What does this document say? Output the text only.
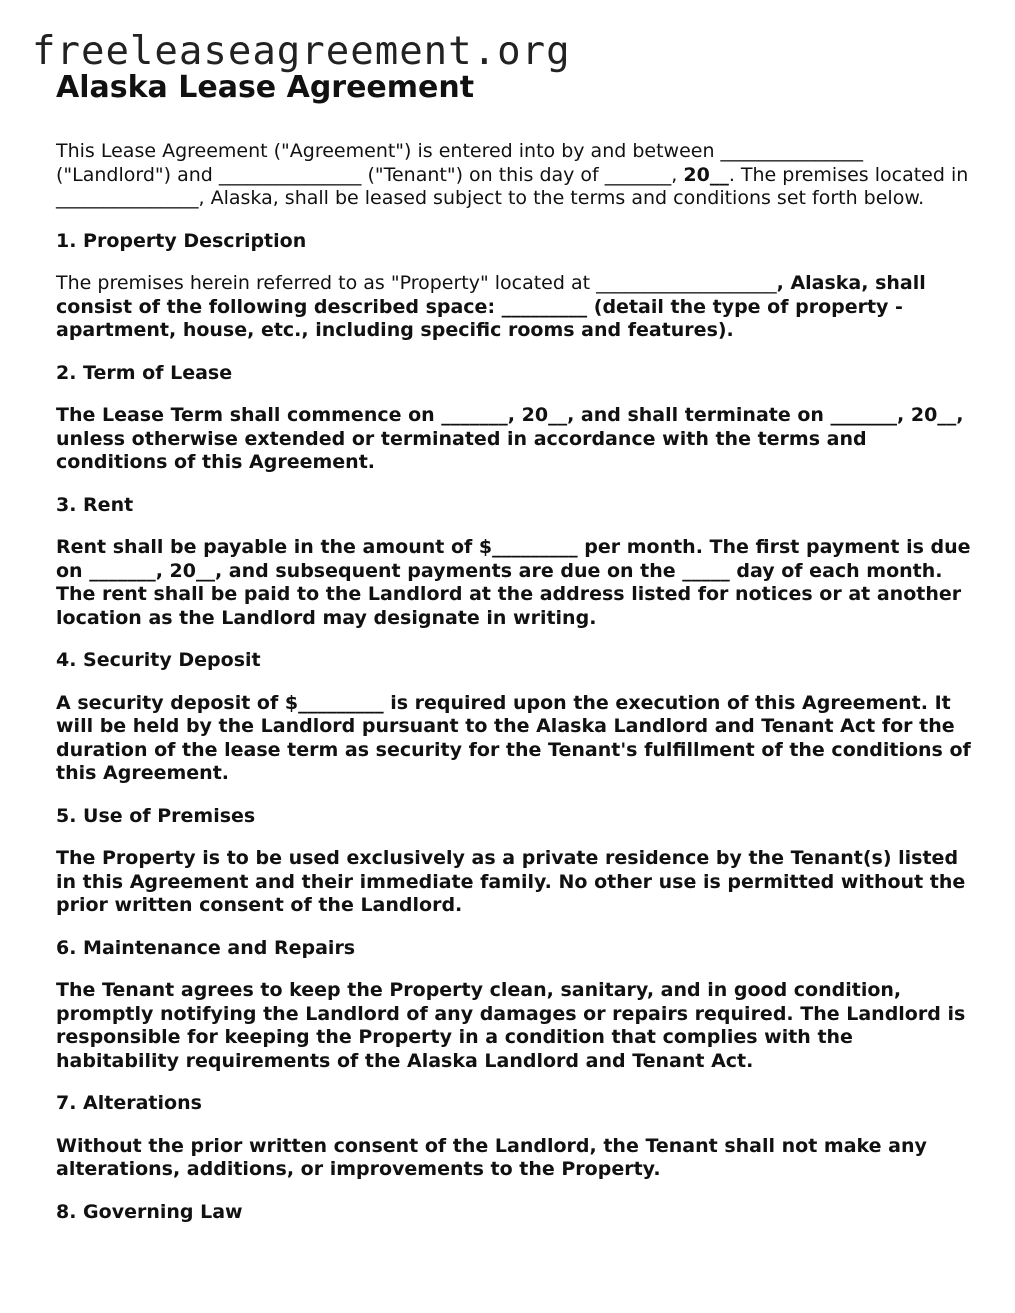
freeleaseagreement.org
Alaska Lease Agreement

This Lease Agreement ("Agreement") is entered into by and between _______________ ("Landlord") and _______________ ("Tenant") on this day of _______, 20__. The premises located in _______________, Alaska, shall be leased subject to the terms and conditions set forth below.

1. Property Description

The premises herein referred to as "Property" located at ___________________, Alaska, shall consist of the following described space: _________ (detail the type of property - apartment, house, etc., including specific rooms and features).

2. Term of Lease

The Lease Term shall commence on _______, 20__, and shall terminate on _______, 20__, unless otherwise extended or terminated in accordance with the terms and conditions of this Agreement.

3. Rent

Rent shall be payable in the amount of $_________ per month. The first payment is due on _______, 20__, and subsequent payments are due on the _____ day of each month. The rent shall be paid to the Landlord at the address listed for notices or at another location as the Landlord may designate in writing.

4. Security Deposit

A security deposit of $_________ is required upon the execution of this Agreement. It will be held by the Landlord pursuant to the Alaska Landlord and Tenant Act for the duration of the lease term as security for the Tenant's fulfillment of the conditions of this Agreement.

5. Use of Premises

The Property is to be used exclusively as a private residence by the Tenant(s) listed in this Agreement and their immediate family. No other use is permitted without the prior written consent of the Landlord.

6. Maintenance and Repairs

The Tenant agrees to keep the Property clean, sanitary, and in good condition, promptly notifying the Landlord of any damages or repairs required. The Landlord is responsible for keeping the Property in a condition that complies with the habitability requirements of the Alaska Landlord and Tenant Act.

7. Alterations

Without the prior written consent of the Landlord, the Tenant shall not make any alterations, additions, or improvements to the Property.

8. Governing Law
